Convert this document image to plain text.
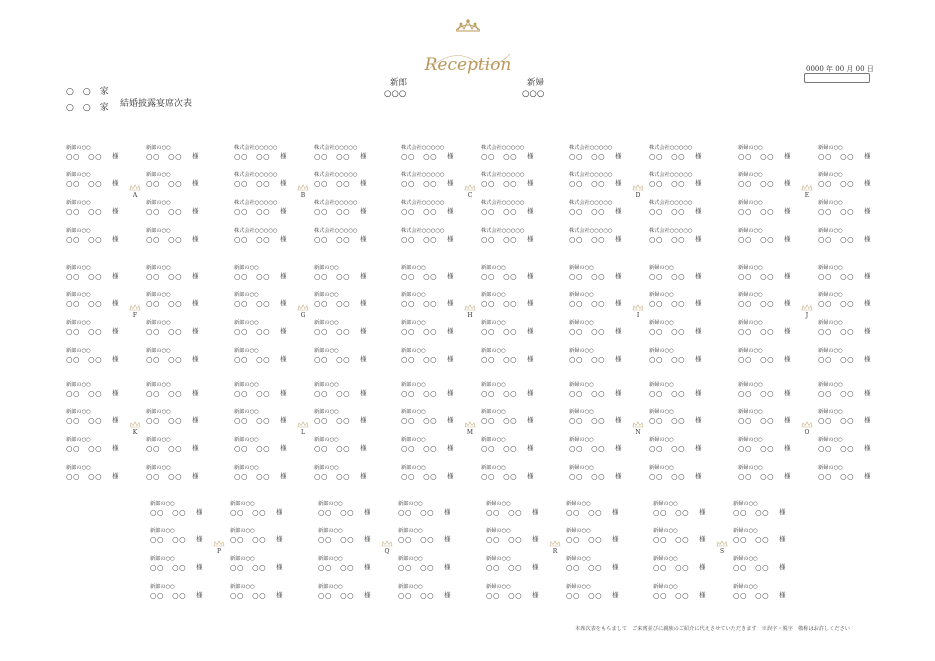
○　○　家
○　○　家 結婚披露宴席次表
Reception
新郎
○○○
新婦
○○○
0000 年 00 月 00 日
新郎の○○
○○　○○ 様
新郎の○○
○○　○○ 様
新郎の○○
○○　○○ 様
新郎の○○
○○　○○ 様
新郎の○○
○○　○○ 様
新郎の○○
○○　○○ 様
新郎の○○
○○　○○ 様
新郎の○○
○○　○○ 様
A
株式会社○○○○○
○○　○○ 様
株式会社○○○○○
○○　○○ 様
株式会社○○○○○
○○　○○ 様
株式会社○○○○○
○○　○○ 様
株式会社○○○○○
○○　○○ 様
株式会社○○○○○
○○　○○ 様
株式会社○○○○○
○○　○○ 様
株式会社○○○○○
○○　○○ 様
B
株式会社○○○○○
○○　○○ 様
株式会社○○○○○
○○　○○ 様
株式会社○○○○○
○○　○○ 様
株式会社○○○○○
○○　○○ 様
株式会社○○○○○
○○　○○ 様
株式会社○○○○○
○○　○○ 様
株式会社○○○○○
○○　○○ 様
株式会社○○○○○
○○　○○ 様
C
株式会社○○○○○
○○　○○ 様
株式会社○○○○○
○○　○○ 様
株式会社○○○○○
○○　○○ 様
株式会社○○○○○
○○　○○ 様
株式会社○○○○○
○○　○○ 様
株式会社○○○○○
○○　○○ 様
株式会社○○○○○
○○　○○ 様
株式会社○○○○○
○○　○○ 様
D
新婦の○○
○○　○○ 様
新婦の○○
○○　○○ 様
新婦の○○
○○　○○ 様
新婦の○○
○○　○○ 様
新婦の○○
○○　○○ 様
新婦の○○
○○　○○ 様
新婦の○○
○○　○○ 様
新婦の○○
○○　○○ 様
E
新郎の○○
○○　○○ 様
新郎の○○
○○　○○ 様
新郎の○○
○○　○○ 様
新郎の○○
○○　○○ 様
新郎の○○
○○　○○ 様
新郎の○○
○○　○○ 様
新郎の○○
○○　○○ 様
新郎の○○
○○　○○ 様
F
新郎の○○
○○　○○ 様
新郎の○○
○○　○○ 様
新郎の○○
○○　○○ 様
新郎の○○
○○　○○ 様
新郎の○○
○○　○○ 様
新郎の○○
○○　○○ 様
新郎の○○
○○　○○ 様
新郎の○○
○○　○○ 様
G
新郎の○○
○○　○○ 様
新郎の○○
○○　○○ 様
新郎の○○
○○　○○ 様
新郎の○○
○○　○○ 様
新郎の○○
○○　○○ 様
新郎の○○
○○　○○ 様
新郎の○○
○○　○○ 様
新郎の○○
○○　○○ 様
H
新婦の○○
○○　○○ 様
新婦の○○
○○　○○ 様
新婦の○○
○○　○○ 様
新婦の○○
○○　○○ 様
新婦の○○
○○　○○ 様
新婦の○○
○○　○○ 様
新婦の○○
○○　○○ 様
新婦の○○
○○　○○ 様
I
新婦の○○
○○　○○ 様
新婦の○○
○○　○○ 様
新婦の○○
○○　○○ 様
新婦の○○
○○　○○ 様
新婦の○○
○○　○○ 様
新婦の○○
○○　○○ 様
新婦の○○
○○　○○ 様
新婦の○○
○○　○○ 様
J
新郎の○○
○○　○○ 様
新郎の○○
○○　○○ 様
新郎の○○
○○　○○ 様
新郎の○○
○○　○○ 様
新郎の○○
○○　○○ 様
新郎の○○
○○　○○ 様
新郎の○○
○○　○○ 様
新郎の○○
○○　○○ 様
K
新郎の○○
○○　○○ 様
新郎の○○
○○　○○ 様
新郎の○○
○○　○○ 様
新郎の○○
○○　○○ 様
新郎の○○
○○　○○ 様
新郎の○○
○○　○○ 様
新郎の○○
○○　○○ 様
新郎の○○
○○　○○ 様
L
新郎の○○
○○　○○ 様
新郎の○○
○○　○○ 様
新郎の○○
○○　○○ 様
新郎の○○
○○　○○ 様
新郎の○○
○○　○○ 様
新郎の○○
○○　○○ 様
新郎の○○
○○　○○ 様
新郎の○○
○○　○○ 様
M
新婦の○○
○○　○○ 様
新婦の○○
○○　○○ 様
新婦の○○
○○　○○ 様
新婦の○○
○○　○○ 様
新婦の○○
○○　○○ 様
新婦の○○
○○　○○ 様
新婦の○○
○○　○○ 様
新婦の○○
○○　○○ 様
N
新婦の○○
○○　○○ 様
新婦の○○
○○　○○ 様
新婦の○○
○○　○○ 様
新婦の○○
○○　○○ 様
新婦の○○
○○　○○ 様
新婦の○○
○○　○○ 様
新婦の○○
○○　○○ 様
新婦の○○
○○　○○ 様
O
新郎の○○
○○　○○ 様
新郎の○○
○○　○○ 様
新郎の○○
○○　○○ 様
新郎の○○
○○　○○ 様
新郎の○○
○○　○○ 様
新郎の○○
○○　○○ 様
新郎の○○
○○　○○ 様
新郎の○○
○○　○○ 様
P
新郎の○○
○○　○○ 様
新郎の○○
○○　○○ 様
新郎の○○
○○　○○ 様
新郎の○○
○○　○○ 様
新郎の○○
○○　○○ 様
新郎の○○
○○　○○ 様
新郎の○○
○○　○○ 様
新郎の○○
○○　○○ 様
Q
新婦の○○
○○　○○ 様
新婦の○○
○○　○○ 様
新婦の○○
○○　○○ 様
新婦の○○
○○　○○ 様
新婦の○○
○○　○○ 様
新婦の○○
○○　○○ 様
新婦の○○
○○　○○ 様
新婦の○○
○○　○○ 様
R
新婦の○○
○○　○○ 様
新婦の○○
○○　○○ 様
新婦の○○
○○　○○ 様
新婦の○○
○○　○○ 様
新婦の○○
○○　○○ 様
新婦の○○
○○　○○ 様
新婦の○○
○○　○○ 様
新婦の○○
○○　○○ 様
S
本席次表をもちまして　ご来賓並びに親族のご紹介に代えさせていただきます　※誤字・脱字　敬称はお許しください
